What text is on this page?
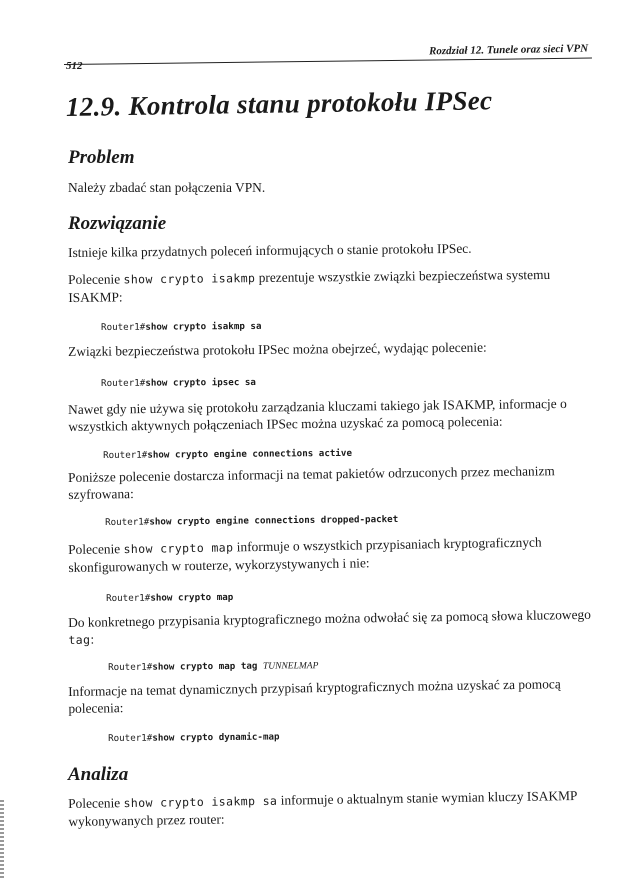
Rozdział 12. Tunele oraz sieci VPN
512
12.9. Kontrola stanu protokołu IPSec
Problem
Należy zbadać stan połączenia VPN.
Rozwiązanie
Istnieje kilka przydatnych poleceń informujących o stanie protokołu IPSec.
Polecenie show crypto isakmp prezentuje wszystkie związki bezpieczeństwa systemu ISAKMP:
Router1#show crypto isakmp sa
Związki bezpieczeństwa protokołu IPSec można obejrzeć, wydając polecenie:
Router1#show crypto ipsec sa
Nawet gdy nie używa się protokołu zarządzania kluczami takiego jak ISAKMP, informacje o wszystkich aktywnych połączeniach IPSec można uzyskać za pomocą polecenia:
Router1#show crypto engine connections active
Poniższe polecenie dostarcza informacji na temat pakietów odrzuconych przez mechanizm szyfrowana:
Router1#show crypto engine connections dropped-packet
Polecenie show crypto map informuje o wszystkich przypisaniach kryptograficznych skonfigurowanych w routerze, wykorzystywanych i nie:
Router1#show crypto map
Do konkretnego przypisania kryptograficznego można odwołać się za pomocą słowa kluczowego tag:
Router1#show crypto map tag TUNNELMAP
Informacje na temat dynamicznych przypisań kryptograficznych można uzyskać za pomocą polecenia:
Router1#show crypto dynamic-map
Analiza
Polecenie show crypto isakmp sa informuje o aktualnym stanie wymian kluczy ISAKMP wykonywanych przez router:
